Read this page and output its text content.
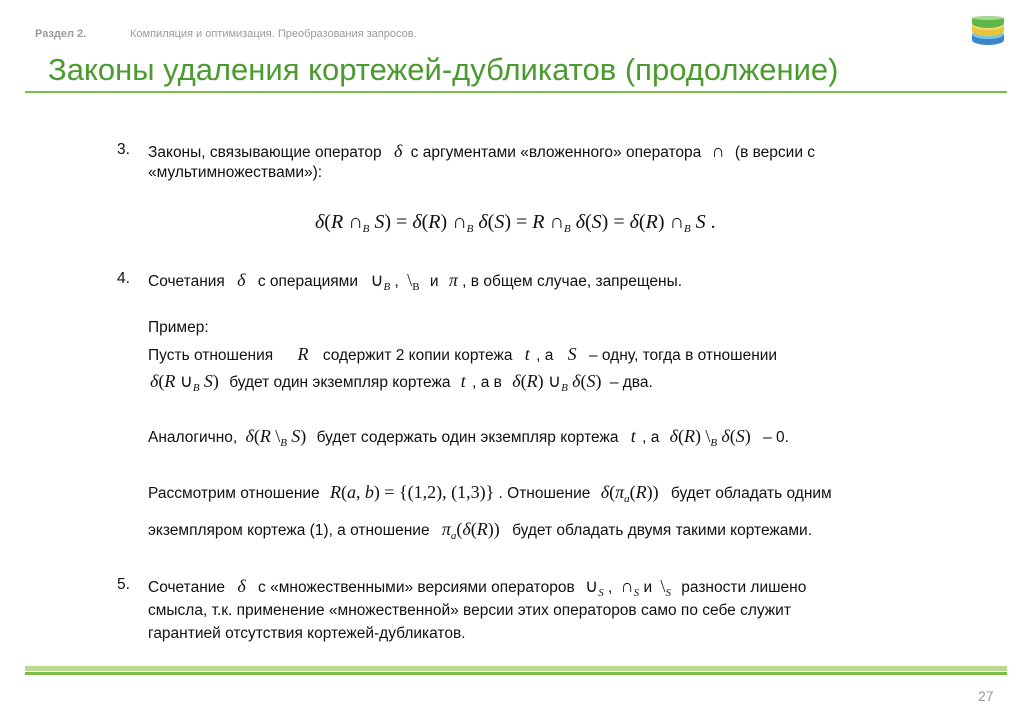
Раздел 2.	Компиляция и оптимизация. Преобразования запросов.
Законы удаления кортежей-дубликатов (продолжение)
3. Законы, связывающие оператор δ с аргументами «вложенного» оператора ∩ (в версии с
«мультимножествами»):
δ(R $\cap_B$ S) = δ(R) $\cap_B$ δ(S) = R $\cap_B$ δ(S) = δ(R) $\cap_B$ S .
4. Сочетания δ с операциями $\cup_B$ , $\backslash_B$ и π , в общем случае, запрещены.
Пример:
Пусть отношения R содержит 2 копии кортежа t , а S – одну, тогда в отношении
δ(R $\cup_B$ S) будет один экземпляр кортежа t , а в δ(R) $\cup_B$ δ(S) – два.
Аналогично, δ(R $\backslash_B$ S) будет содержать один экземпляр кортежа t , а δ(R) $\backslash_B$ δ(S) – 0.
Рассмотрим отношение R(a, b) = {(1,2), (1,3)} . Отношение $\delta(\pi_a(R))$ будет обладать одним
экземпляром кортежа (1), а отношение $\pi_a(\delta(R))$ будет обладать двумя такими кортежами.
5. Сочетание δ с «множественными» версиями операторов $\cup_S$ , $\cap_S$ и $\backslash_S$ разности лишено
смысла, т.к. применение «множественной» версии этих операторов само по себе служит
гарантией отсутствия кортежей-дубликатов.
27
